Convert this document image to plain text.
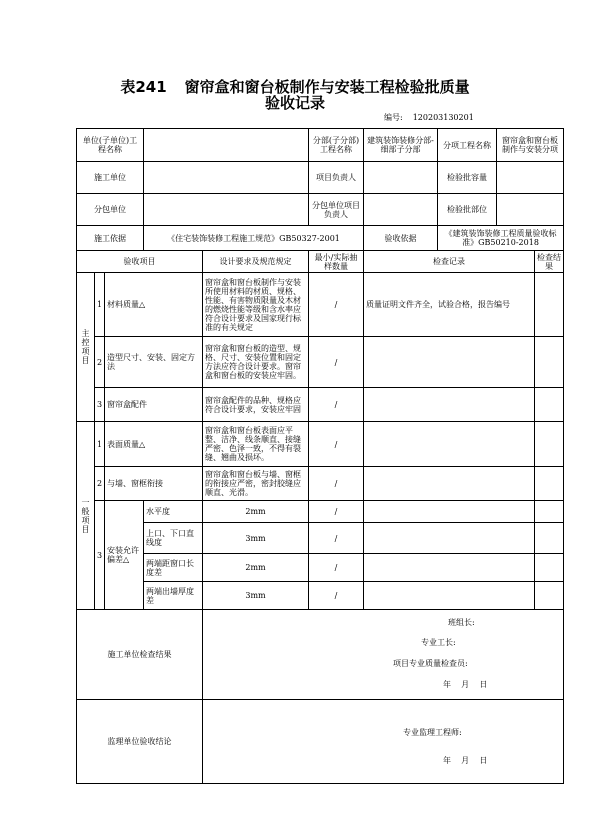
表241 窗帘盒和窗台板制作与安装工程检验批质量
验收记录
编号: 120203130201
单位(子单位)工程名称					分部(子分部)工程名称	建筑装饰装修分部-细部子分部	分项工程名称	窗帘盒和窗台板制作与安装分项	
施工单位					项目负责人		检验批容量		
分包单位					分包单位项目负责人		检验批部位		
施工依据			《住宅装饰装修工程施工规范》GB50327-2001			验收依据	《建筑装饰装修工程质量验收标准》GB50210-2018		
验收项目				设计要求及规范规定	最小/实际抽样数量	检查记录			检查结果
主控项目	1	材料质量△		窗帘盒和窗台板制作与安装所使用材料的材质、规格、性能、有害物质限量及木材的燃烧性能等级和含水率应符合设计要求及国家现行标准的有关规定	/	质量证明文件齐全，试验合格，报告编号			
	2	造型尺寸、安装、固定方法		窗帘盒和窗台板的造型、规格、尺寸、安装位置和固定方法应符合设计要求。窗帘盒和窗台板的安装应牢固。	/				
	3	窗帘盒配件		窗帘盒配件的品种、规格应符合设计要求，安装应牢固	/				
一般项目	1	表面质量△		窗帘盒和窗台板表面应平整、洁净、线条顺直、接缝严密、色泽一致，不得有裂缝、翘曲及损坏。	/				
	2	与墙、窗框衔接		窗帘盒和窗台板与墙、窗框的衔接应严密，密封胶缝应顺直、光滑。	/				
	3	安装允许偏差△	水平度	2mm	/				
			上口、下口直线度	3mm	/				
			两端距窗口长度差	2mm	/				
			两端出墙厚度差	3mm	/				
施工单位检查结果				班组长:
专业工长:
项目专业质量检查员:
年    月    日					

监理单位验收结论				专业监理工程师:
年    月    日					
